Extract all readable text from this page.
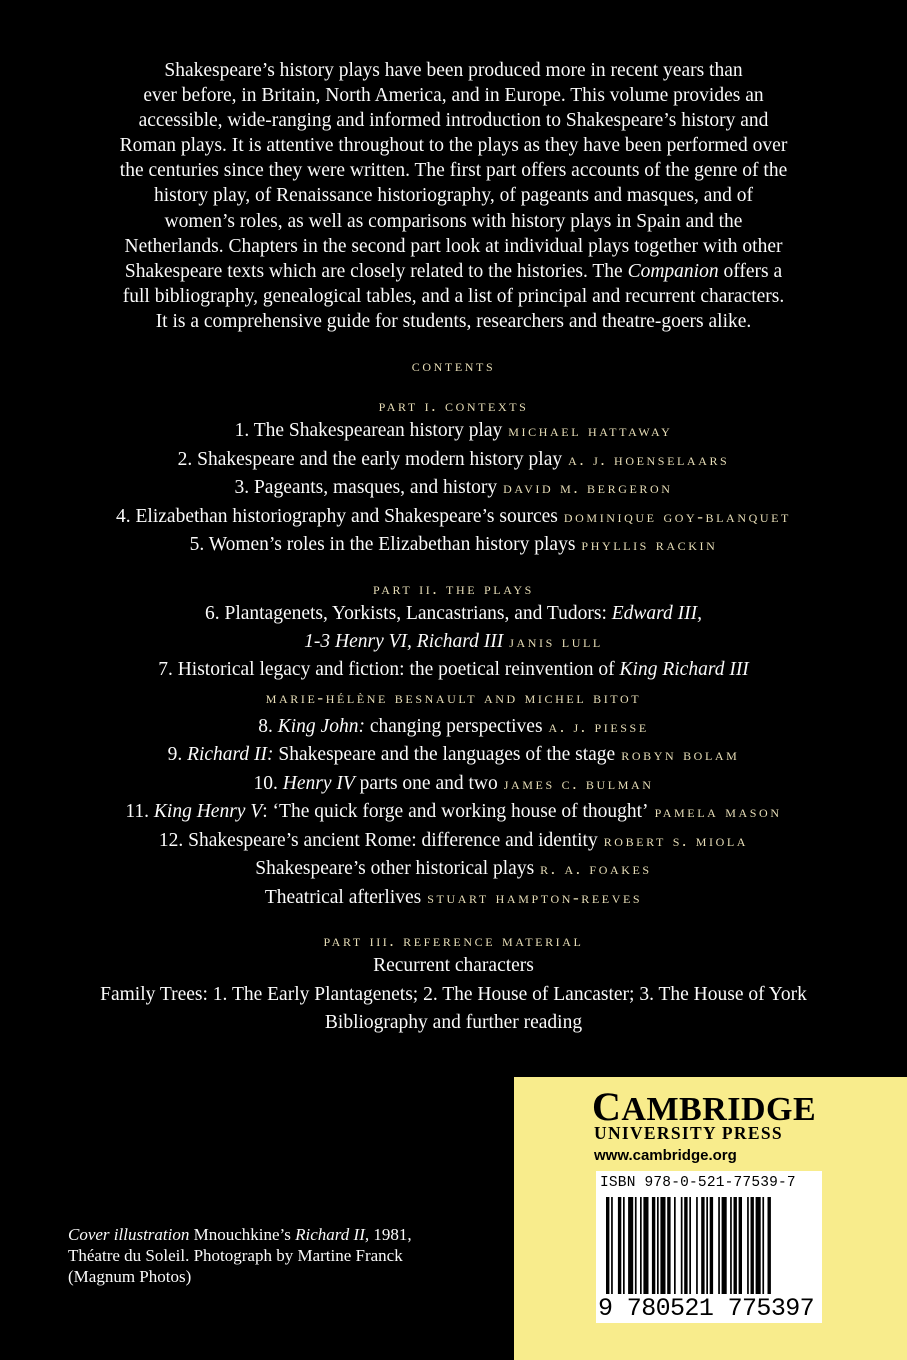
Shakespeare’s history plays have been produced more in recent years than

ever before, in Britain, North America, and in Europe. This volume provides an

accessible, wide-ranging and informed introduction to Shakespeare’s history and

Roman plays. It is attentive throughout to the plays as they have been performed over

the centuries since they were written. The first part offers accounts of the genre of the

history play, of Renaissance historiography, of pageants and masques, and of

women’s roles, as well as comparisons with history plays in Spain and the

Netherlands. Chapters in the second part look at individual plays together with other

Shakespeare texts which are closely related to the histories. The Companion offers a

full bibliography, genealogical tables, and a list of principal and recurrent characters.

It is a comprehensive guide for students, researchers and theatre-goers alike.

contents
part i. contexts
1. The Shakespearean history play michael hattaway
2. Shakespeare and the early modern history play a. j. hoenselaars
3. Pageants, masques, and history david m. bergeron
4. Elizabethan historiography and Shakespeare’s sources dominique goy-blanquet
5. Women’s roles in the Elizabethan history plays phyllis rackin
part ii. the plays
6. Plantagenets, Yorkists, Lancastrians, and Tudors: Edward III,
1-3 Henry VI, Richard III janis lull
7. Historical legacy and fiction: the poetical reinvention of King Richard III
marie-hélène besnault and michel bitot
8. King John: changing perspectives a. j. piesse
9. Richard II: Shakespeare and the languages of the stage robyn bolam
10. Henry IV parts one and two james c. bulman
11. King Henry V: ‘The quick forge and working house of thought’ pamela mason
12. Shakespeare’s ancient Rome: difference and identity robert s. miola
Shakespeare’s other historical plays r. a. foakes
Theatrical afterlives stuart hampton-reeves
part iii. reference material
Recurrent characters
Family Trees: 1. The Early Plantagenets; 2. The House of Lancaster; 3. The House of York
Bibliography and further reading
CAMBRIDGE
UNIVERSITY PRESS
www.cambridge.org
ISBN 978-0-521-77539-7
9 780521 775397
Cover illustration Mnouchkine’s Richard II, 1981,
Théatre du Soleil. Photograph by Martine Franck
(Magnum Photos)
